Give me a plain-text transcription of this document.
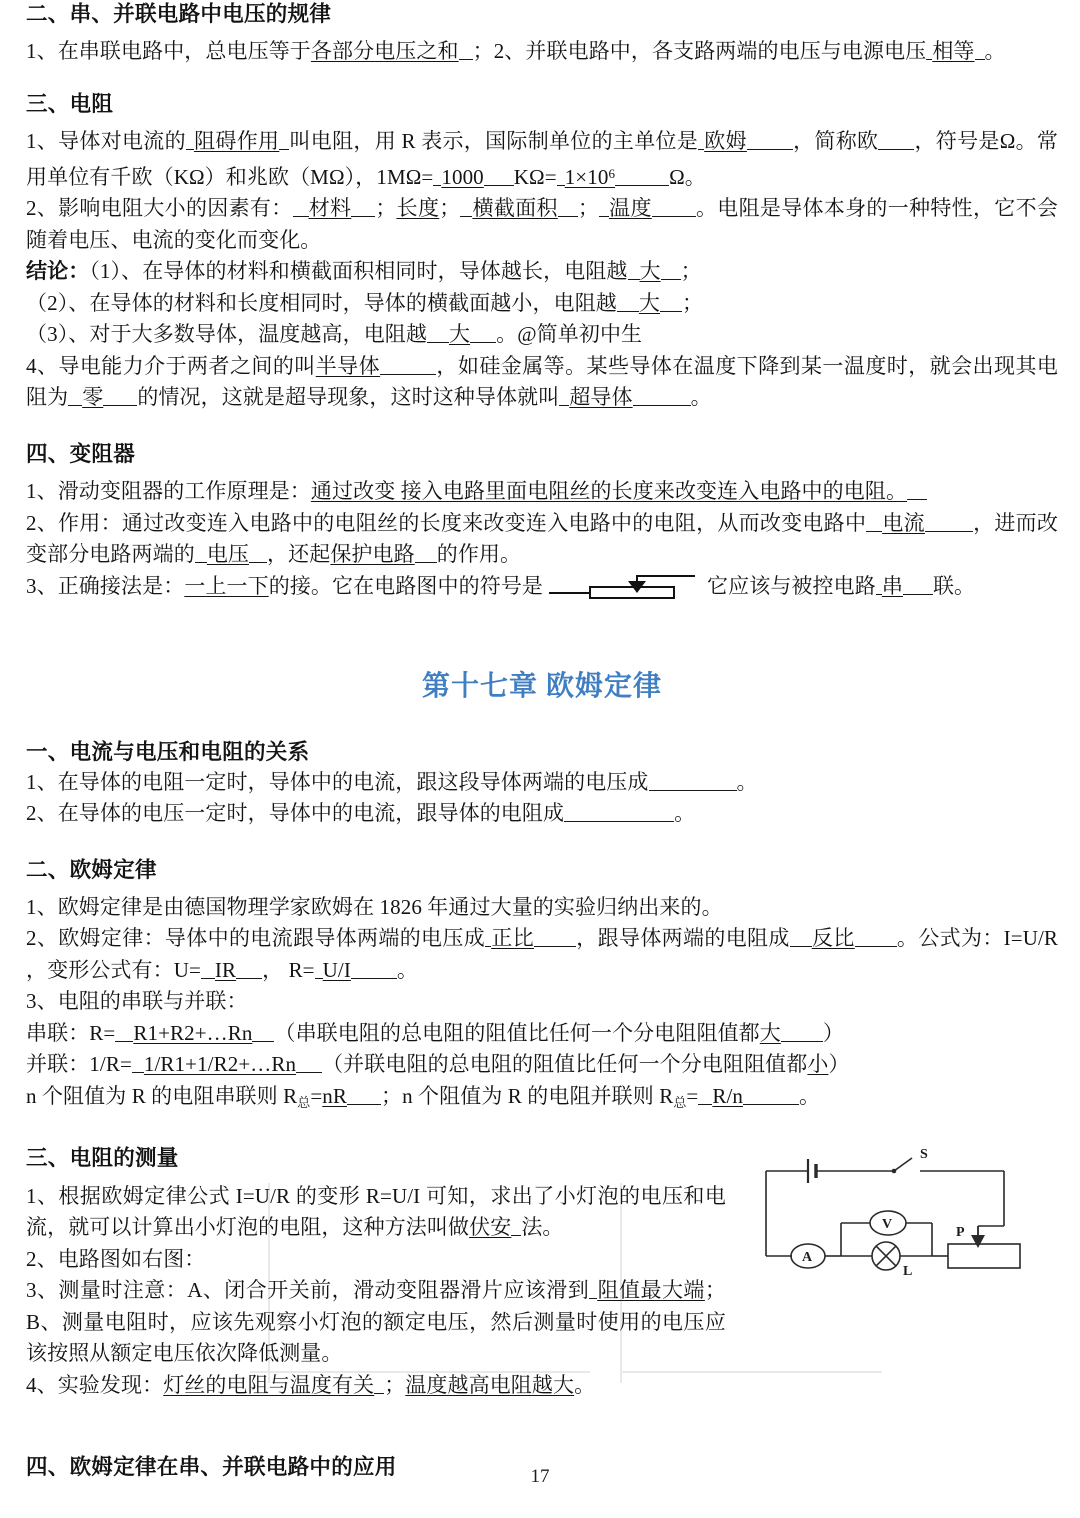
二、串、并联电路中电压的规律

1、在串联电路中，总电压等于各部分电压之和 ；2、并联电路中，各支路两端的电压与电源电压 相等 。

三、电阻

1、导体对电流的 阻碍作用 叫电阻，用 R 表示，国际制单位的主单位是 欧姆 ，简称欧 ，符号是Ω。常用单位有千欧（KΩ）和兆欧（MΩ），1MΩ= 1000 $K\Omega= 1\times 10^6$	Ω。

2、影响电阻大小的因素有： 材料 ；长度； 横截面积 ； 温度 。电阻是导体本身的一种特性，它不会随着电压、电流的变化而变化。

结论：（1）、在导体的材料和横截面积相同时，导体越长，电阻越 大 ；

（2）、在导体的材料和长度相同时，导体的横截面越小，电阻越 大 ；

（3）、对于大多数导体，温度越高，电阻越 大 。@简单初中生

4、导电能力介于两者之间的叫半导体	，如硅金属等。某些导体在温度下降到某一温度时，就会出现其电阻为 零 的情况，这就是超导现象，这时这种导体就叫 超导体	。

四、变阻器

1、滑动变阻器的工作原理是：通过改变 接入电路里面电阻丝的长度来改变连入电路中的电阻。

2、作用：通过改变连入电路中的电阻丝的长度来改变连入电路中的电阻，从而改变电路中 电流 ，进而改变部分电路两端的 电压 ，还起保护电路 的作用。

3、正确接法是：一上一下的接。它在电路图中的符号是	它应该与被控电路 串 联。

第十七章 欧姆定律

一、电流与电压和电阻的关系

1、在导体的电阻一定时，导体中的电流，跟这段导体两端的电压成	。

2、在导体的电压一定时，导体中的电流，跟导体的电阻成	。

二、欧姆定律

1、欧姆定律是由德国物理学家欧姆在 1826 年通过大量的实验归纳出来的。

2、欧姆定律：导体中的电流跟导体两端的电压成 正比 ，跟导体两端的电阻成 反比 。公式为：I=U/R ，变形公式有：U= IR ， R= U/I 。

3、电阻的串联与并联：

串联：R= R1+R2+…Rn （串联电阻的总电阻的阻值比任何一个分电阻阻值都大 ）

并联：1/R= 1/R1+1/R2+…Rn （并联电阻的总电阻的阻值比任何一个分电阻阻值都小）

n 个阻值为 R 的电阻串联则 $R_总=nR$ ；n 个阻值为 R 的电阻并联则 $R_总= R/n$	。

三、电阻的测量

1、根据欧姆定律公式 I=U/R 的变形 R=U/I 可知，求出了小灯泡的电压和电流，就可以计算出小灯泡的电阻，这种方法叫做伏安 法。

2、电路图如右图：

3、测量时注意：A、闭合开关前，滑动变阻器滑片应该滑到 阻值最大端；B、测量电阻时，应该先观察小灯泡的额定电压，然后测量时使用的电压应该按照从额定电压依次降低测量。

4、实验发现：灯丝的电阻与温度有关 ；温度越高电阻越大。

四、欧姆定律在串、并联电路中的应用

S
V
A
L
P
17
